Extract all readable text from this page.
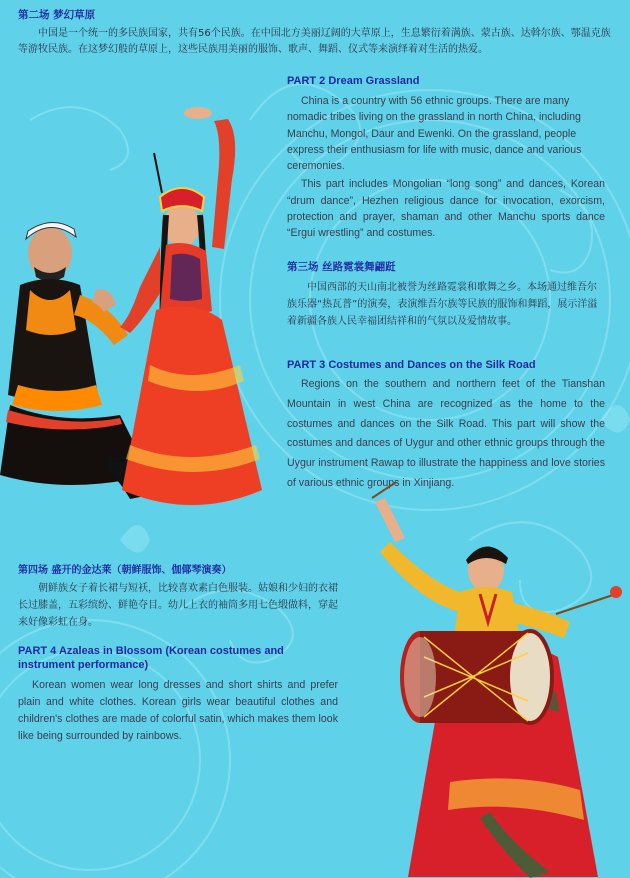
第二场 梦幻草原

中国是一个统一的多民族国家，共有56个民族。在中国北方美丽辽阔的大草原上，生息繁衍着满族、蒙古族、达斡尔族、鄂温克族等游牧民族。在这梦幻般的草原上，这些民族用美丽的服饰、歌声、舞蹈、仪式等来演绎着对生活的热爱。

PART 2 Dream Grassland

China is a country with 56 ethnic groups. There are many nomadic tribes living on the grassland in north China, including Manchu, Mongol, Daur and Ewenki. On the grassland, people express their enthusiasm for life with music, dance and various ceremonies.

This part includes Mongolian “long song” and dances, Korean “drum dance”, Hezhen religious dance for invocation, exorcism, protection and prayer, shaman and other Manchu sports dance “Ergui wrestling” and costumes.

第三场 丝路霓裳舞翩跹

中国西部的天山南北被誉为丝路霓裳和歌舞之乡。本场通过维吾尔族乐器“热瓦普”的演奏，表演维吾尔族等民族的服饰和舞蹈，展示洋溢着新疆各族人民幸福团结祥和的气氛以及爱情故事。

PART 3 Costumes and Dances on the Silk Road

Regions on the southern and northern feet of the Tianshan Mountain in west China are recognized as the home to the costumes and dances on the Silk Road. This part will show the costumes and dances of Uygur and other ethnic groups through the Uygur instrument Rawap to illustrate the happiness and love stories of various ethnic groups in Xinjiang.

第四场 盛开的金达莱（朝鲜服饰、伽倻琴演奏）

朝鲜族女子着长裙与短袄，比较喜欢素白色服装。姑娘和少妇的衣裙长过膝盖，五彩缤纷、鲜艳夺目。幼儿上衣的袖筒多用七色缎做料，穿起来好像彩虹在身。

PART 4 Azaleas in Blossom (Korean costumes and
instrument performance)

Korean women wear long dresses and short shirts and prefer plain and white clothes. Korean girls wear beautiful clothes and children's clothes are made of colorful satin, which makes them look like being surrounded by rainbows.
